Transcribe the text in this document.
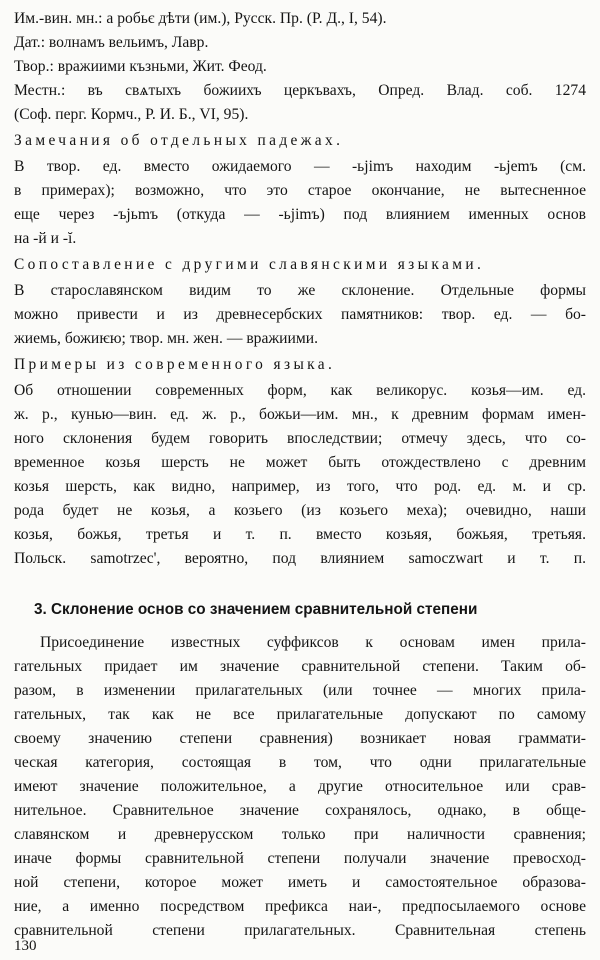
Им.-вин. мн.: а робьє дѣти (им.), Русск. Пр. (Р. Д., I, 54).
Дат.: волнамъ вельимъ, Лавр.
Твор.: вражиими къзньми, Жит. Феод.
Местн.: въ свѧтыхъ божиихъ церкъвахъ, Опред. Влад. соб. 1274
(Соф. перг. Кормч., Р. И. Б., VI, 95).
Замечания об отдельных падежах.
В твор. ед. вместо ожидаемого — -ьjimъ находим -ьjemъ (см.
в примерах); возможно, что это старое окончание, не вытесненное
еще через -ъjьmъ (откуда — -ьjimъ) под влиянием именных основ
на -й и -ĭ.
Сопоставление с другими славянскими языками.
В старославянском видим то же склонение. Отдельные формы
можно привести и из древнесербских памятников: твор. ед. — бо-
жиемь, божиѥю; твор. мн. жен. — вражиими.
Примеры из современного языка.
Об отношении современных форм, как великорус. козья—им. ед.
ж. р., кунью—вин. ед. ж. р., божьи—им. мн., к древним формам имен-
ного склонения будем говорить впоследствии; отмечу здесь, что со-
временное козья шерсть не может быть отождествлено с древним
козья шерсть, как видно, например, из того, что род. ед. м. и ср.
рода будет не козья, а козьего (из козьего меха); очевидно, наши
козья, божья, третья и т. п. вместо козьяя, божьяя, третьяя.
Польск. samotrzec', вероятно, под влиянием samoczwart и т. п.
3. Склонение основ со значением сравнительной степени
Присоединение известных суффиксов к основам имен прила-
гательных придает им значение сравнительной степени. Таким об-
разом, в изменении прилагательных (или точнее — многих прила-
гательных, так как не все прилагательные допускают по самому
своему значению степени сравнения) возникает новая граммати-
ческая категория, состоящая в том, что одни прилагательные
имеют значение положительное, а другие относительное или срав-
нительное. Сравнительное значение сохранялось, однако, в обще-
славянском и древнерусском только при наличности сравнения;
иначе формы сравнительной степени получали значение превосход-
ной степени, которое может иметь и самостоятельное образова-
ние, а именно посредством префикса наи-, предпосылаемого основе
сравнительной степени прилагательных. Сравнительная степень
130
